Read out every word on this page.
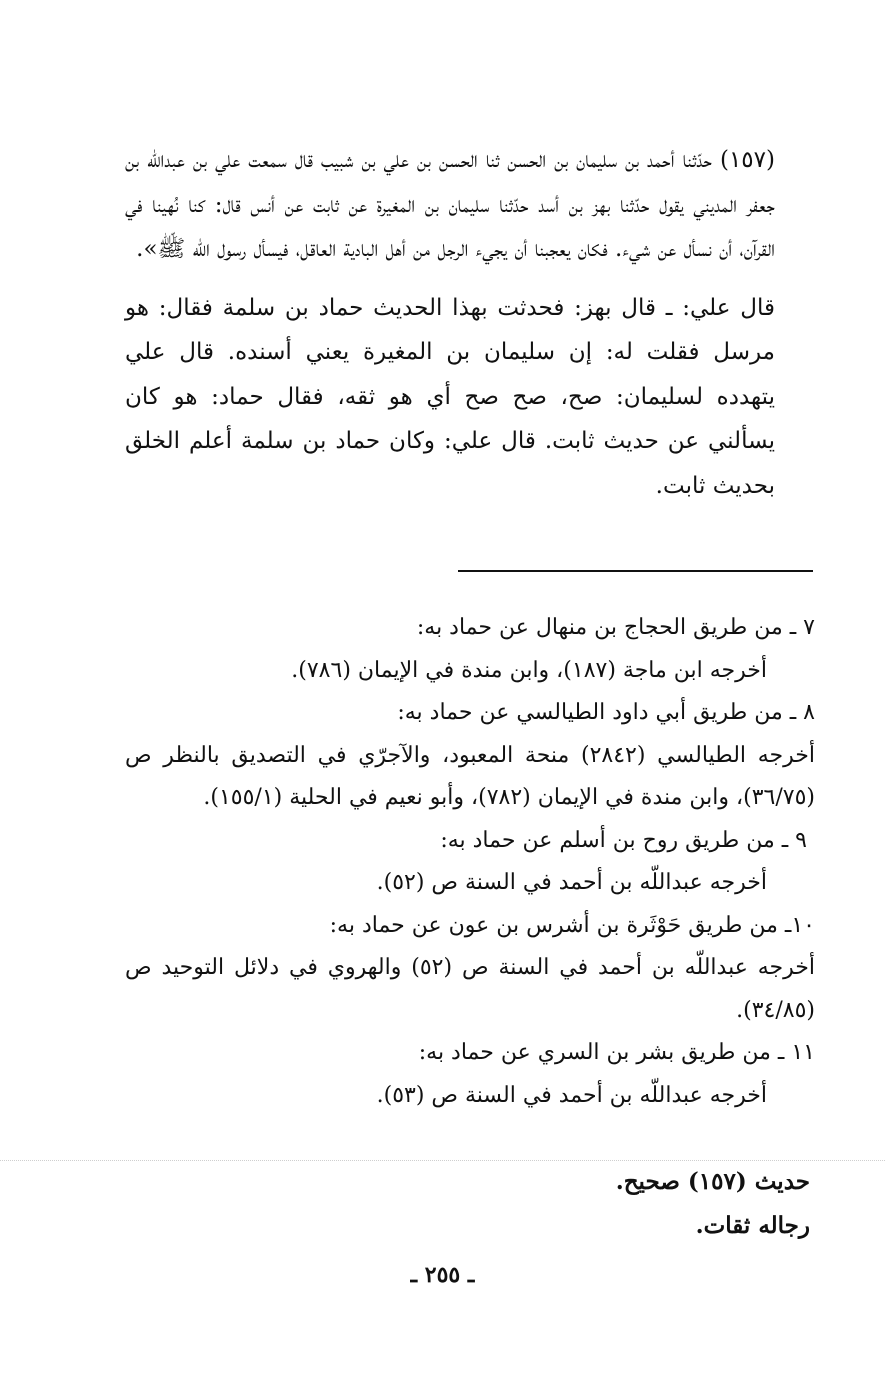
(١٥٧) حدّثنا أحمد بن سليمان بن الحسن ثنا الحسن بن علي بن شبيب قال سمعت علي بن عبدالله بن جعفر المديني يقول حدّثنا بهز بن أسد حدّثنا سليمان بن المغيرة عن ثابت عن أنس قال: كنا نُهينا في القرآن، أن نسأل عن شيء. فكان يعجبنا أن يجيء الرجل من أهل البادية العاقل، فيسأل رسول الله ﷺ».

قال علي: ـ قال بهز: فحدثت بهذا الحديث حماد بن سلمة فقال: هو مرسل فقلت له: إن سليمان بن المغيرة يعني أسنده. قال علي يتهدده لسليمان: صح، صح صح أي هو ثقه، فقال حماد: هو كان يسألني عن حديث ثابت. قال علي: وكان حماد بن سلمة أعلم الخلق بحديث ثابت.

٧ ـ من طريق الحجاج بن منهال عن حماد به:

أخرجه ابن ماجة (١٨٧)، وابن مندة في الإيمان (٧٨٦).

٨ ـ من طريق أبي داود الطيالسي عن حماد به:

أخرجه الطيالسي (٢٨٤٢) منحة المعبود، والآجرّي في التصديق بالنظر ص (٣٦/٧٥)، وابن مندة في الإيمان (٧٨٢)، وأبو نعيم في الحلية (١٥٥/١).

٩ ـ من طريق روح بن أسلم عن حماد به:

أخرجه عبداللّه بن أحمد في السنة ص (٥٢).

١٠ـ من طريق حَوْثَرة بن أشرس بن عون عن حماد به:

أخرجه عبداللّه بن أحمد في السنة ص (٥٢) والهروي في دلائل التوحيد ص (٣٤/٨٥).

١١ ـ من طريق بشر بن السري عن حماد به:

أخرجه عبداللّه بن أحمد في السنة ص (٥٣).

حديث (١٥٧) صحيح.
رجاله ثقات.
ـ ٢٥٥ ـ
